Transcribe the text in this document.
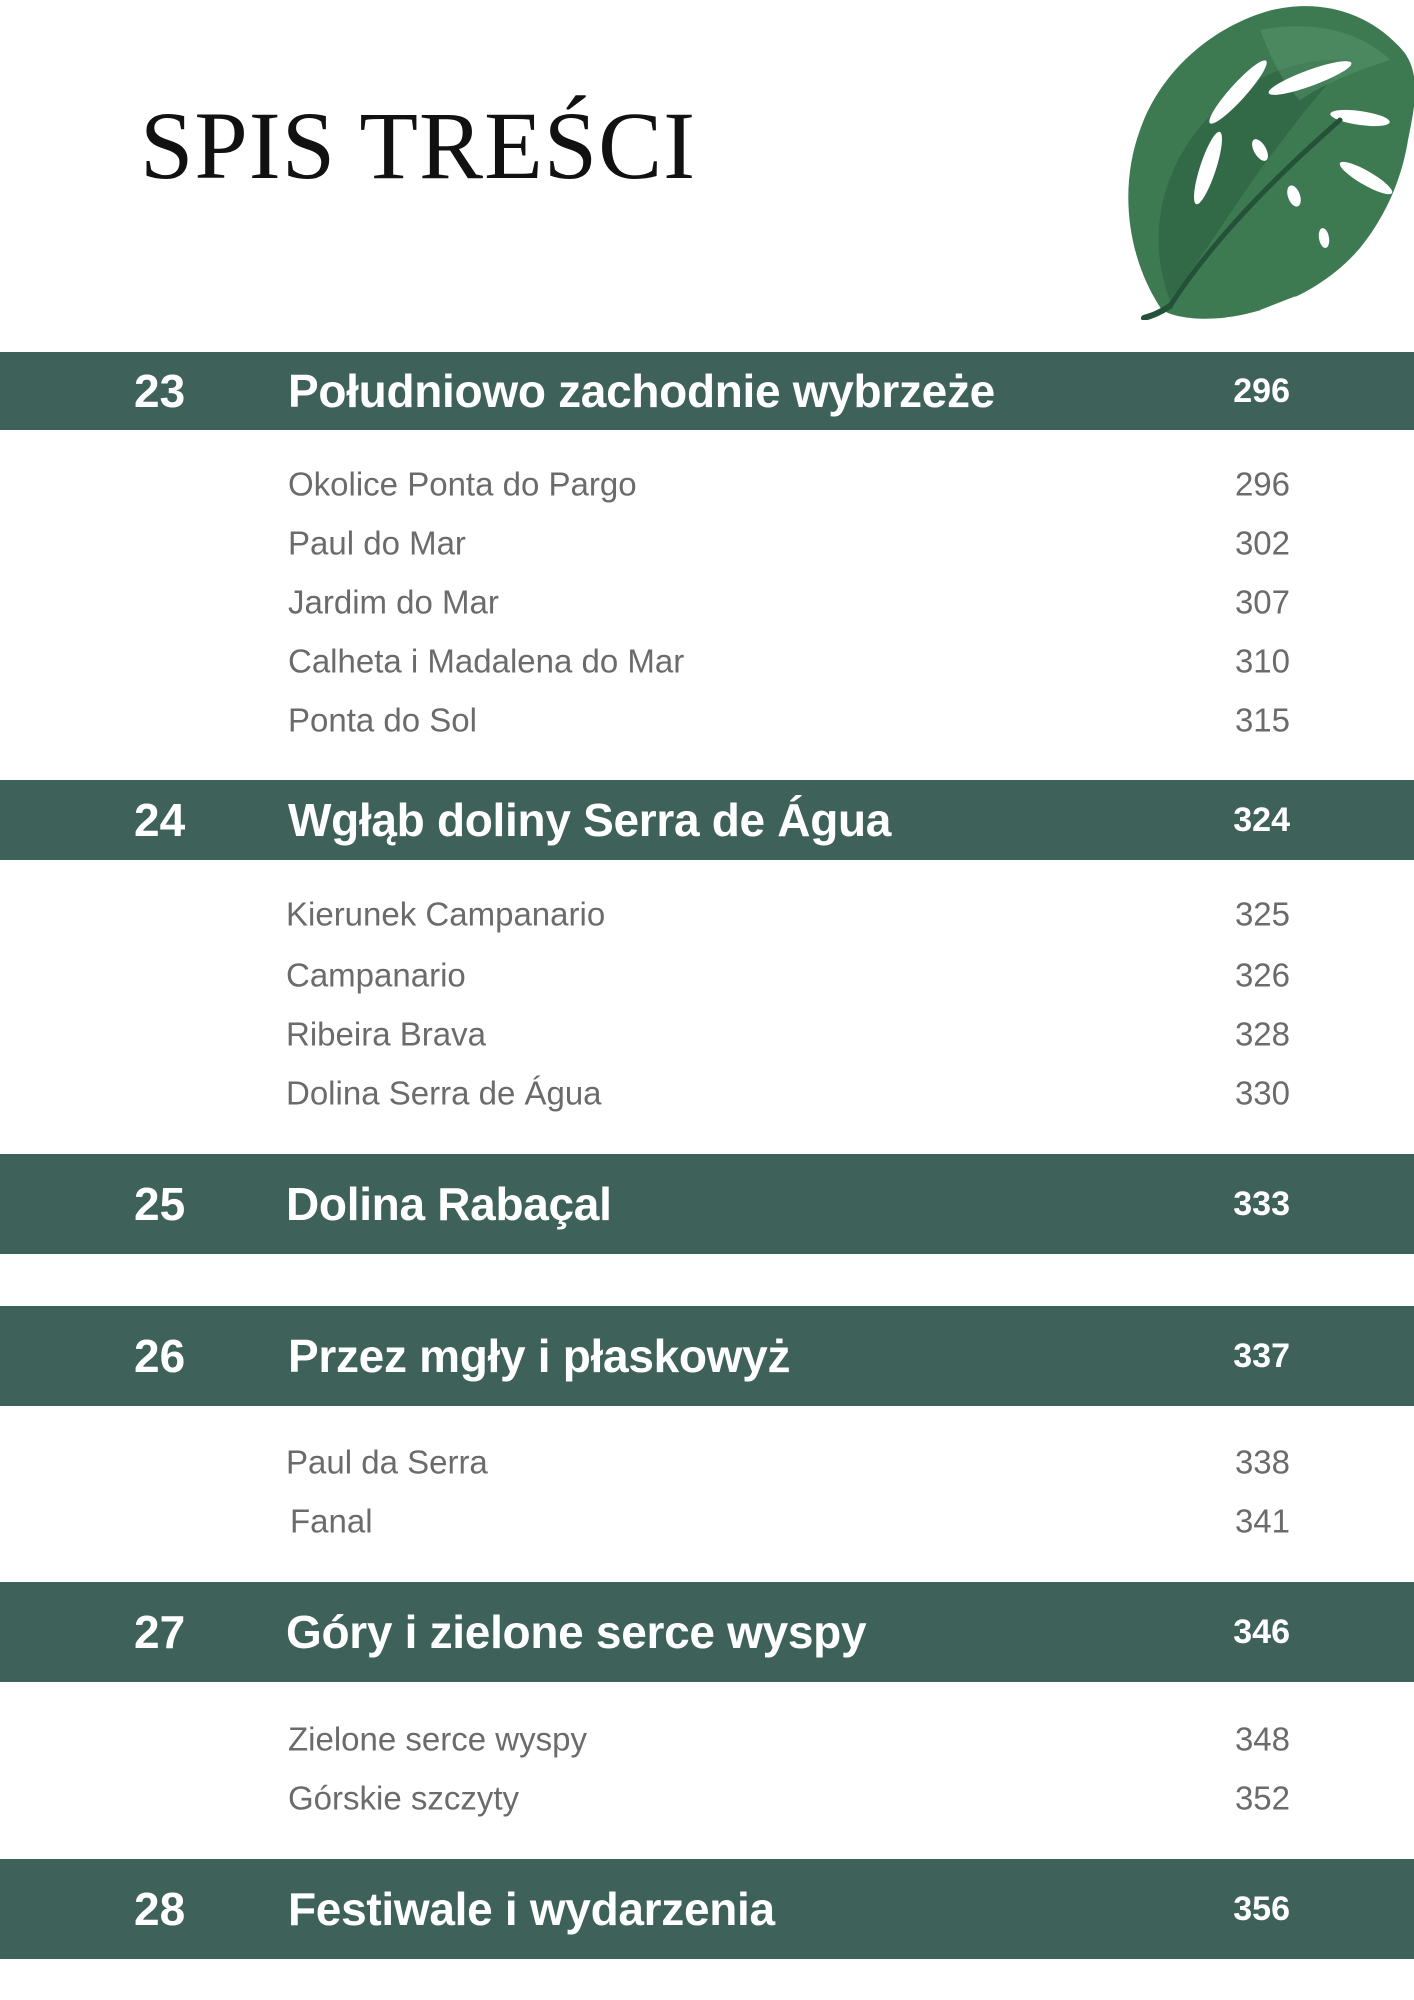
SPIS TREŚCI
23 Południowo zachodnie wybrzeże	296
Okolice Ponta do Pargo	296
Paul do Mar	302
Jardim do Mar	307
Calheta i Madalena do Mar	310
Ponta do Sol	315
24 Wgłąb doliny Serra de Água	324
Kierunek Campanario	325
Campanario	326
Ribeira Brava	328
Dolina Serra de Água	330
25 Dolina Rabaçal	333
26 Przez mgły i płaskowyż	337
Paul da Serra	338
Fanal	341
27 Góry i zielone serce wyspy	346
Zielone serce wyspy	348
Górskie szczyty	352
28 Festiwale i wydarzenia	356
